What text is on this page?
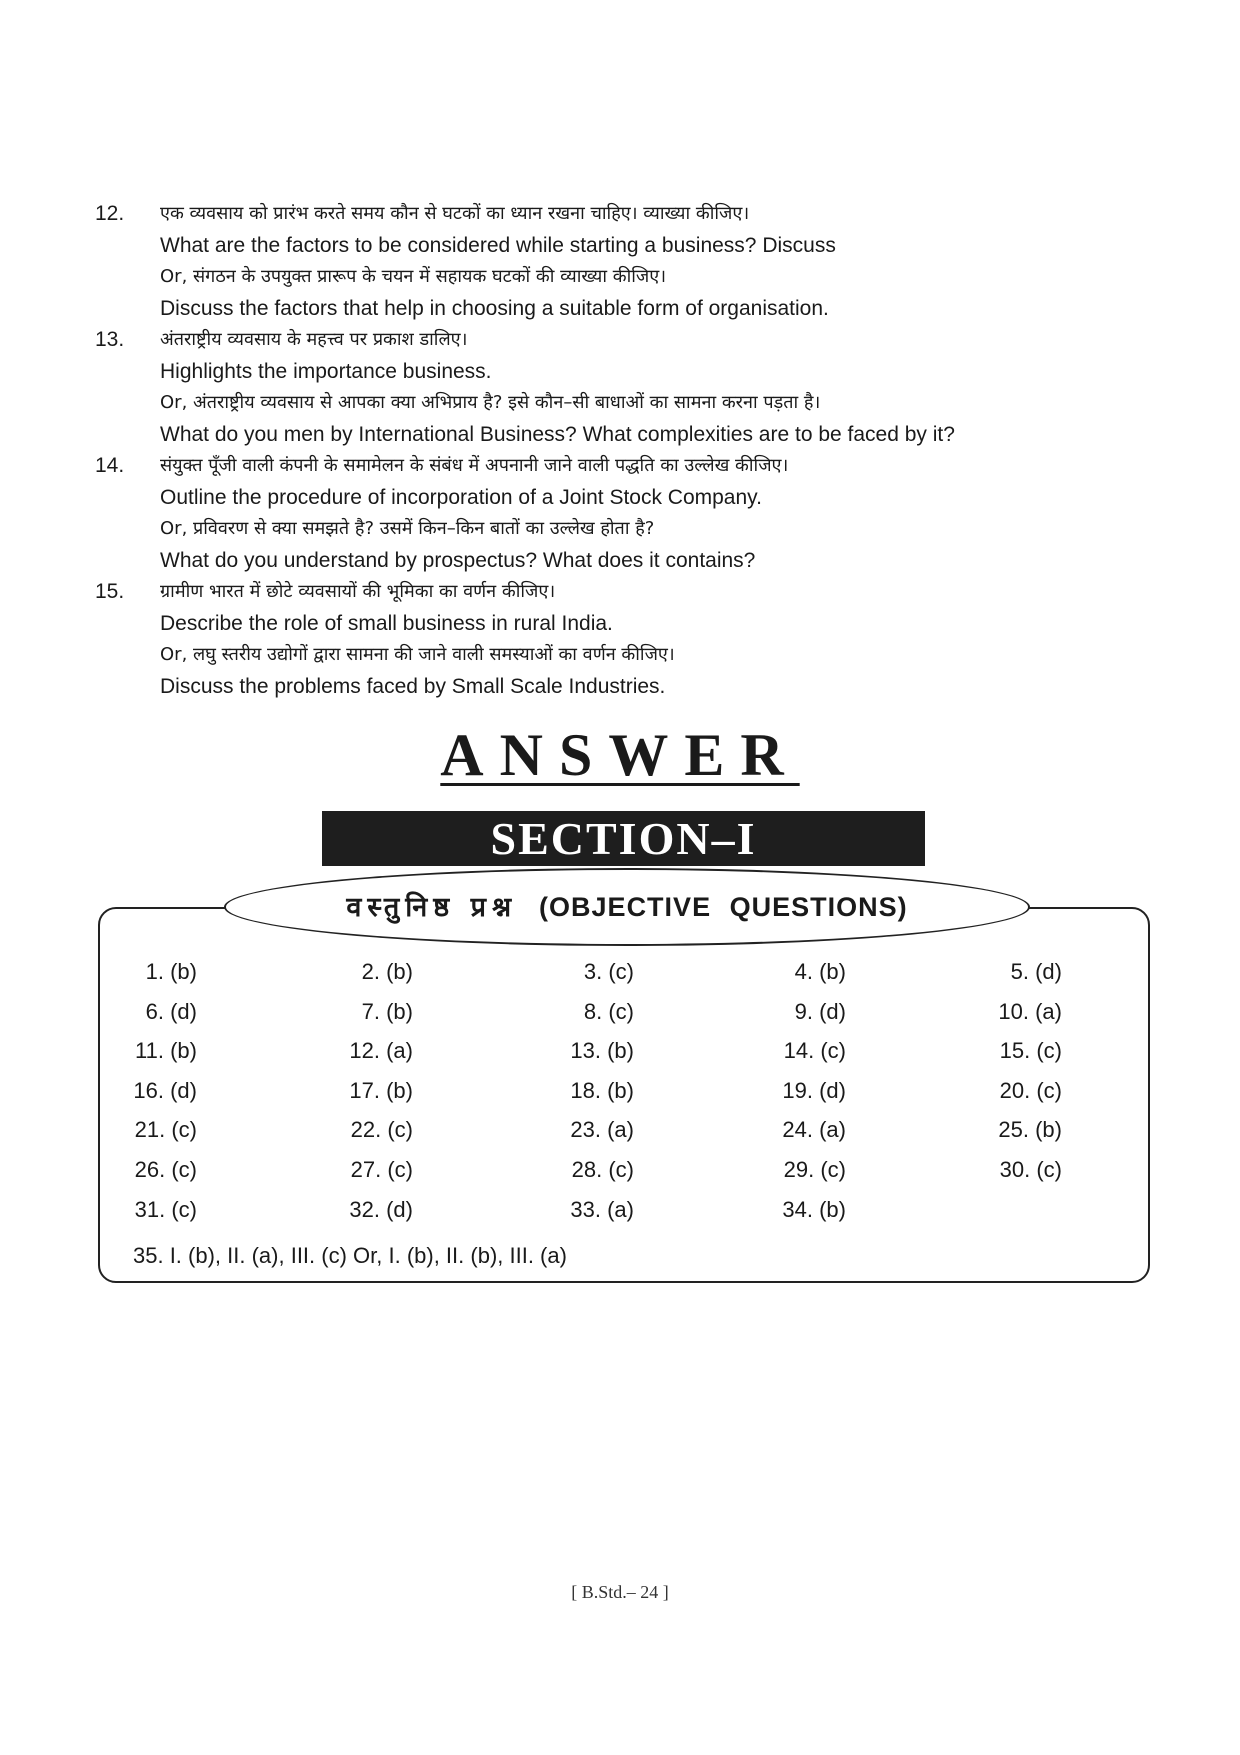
12.	एक व्यवसाय को प्रारंभ करते समय कौन से घटकों का ध्यान रखना चाहिए। व्याख्या कीजिए।
What are the factors to be considered while starting a business? Discuss
Or, संगठन के उपयुक्त प्रारूप के चयन में सहायक घटकों की व्याख्या कीजिए।
Discuss the factors that help in choosing a suitable form of organisation.
13.	अंतराष्ट्रीय व्यवसाय के महत्त्व पर प्रकाश डालिए।
Highlights the importance business.
Or, अंतराष्ट्रीय व्यवसाय से आपका क्या अभिप्राय है? इसे कौन–सी बाधाओं का सामना करना पड़ता है।
What do you men by International Business? What complexities are to be faced by it?
14.	संयुक्त पूँजी वाली कंपनी के समामेलन के संबंध में अपनानी जाने वाली पद्धति का उल्लेख कीजिए।
Outline the procedure of incorporation of a Joint Stock Company.
Or, प्रविवरण से क्या समझते है? उसमें किन–किन बातों का उल्लेख होता है?
What do you understand by prospectus? What does it contains?
15.	ग्रामीण भारत में छोटे व्यवसायों की भूमिका का वर्णन कीजिए।
Describe the role of small business in rural India.
Or, लघु स्तरीय उद्योगों द्वारा सामना की जाने वाली समस्याओं का वर्णन कीजिए।
Discuss the problems faced by Small Scale Industries.
ANSWER
SECTION–I
वस्तुनिष्ठ प्रश्न (OBJECTIVE QUESTIONS)
1. (b)	2. (b)	3. (c)	4. (b)	5. (d)
6. (d)	7. (b)	8. (c)	9. (d)	10. (a)
11. (b)	12. (a)	13. (b)	14. (c)	15. (c)
16. (d)	17. (b)	18. (b)	19. (d)	20. (c)
21. (c)	22. (c)	23. (a)	24. (a)	25. (b)
26. (c)	27. (c)	28. (c)	29. (c)	30. (c)
31. (c)	32. (d)	33. (a)	34. (b)
35. I. (b), II. (a), III. (c) Or, I. (b), II. (b), III. (a)
[ B.Std.– 24 ]
